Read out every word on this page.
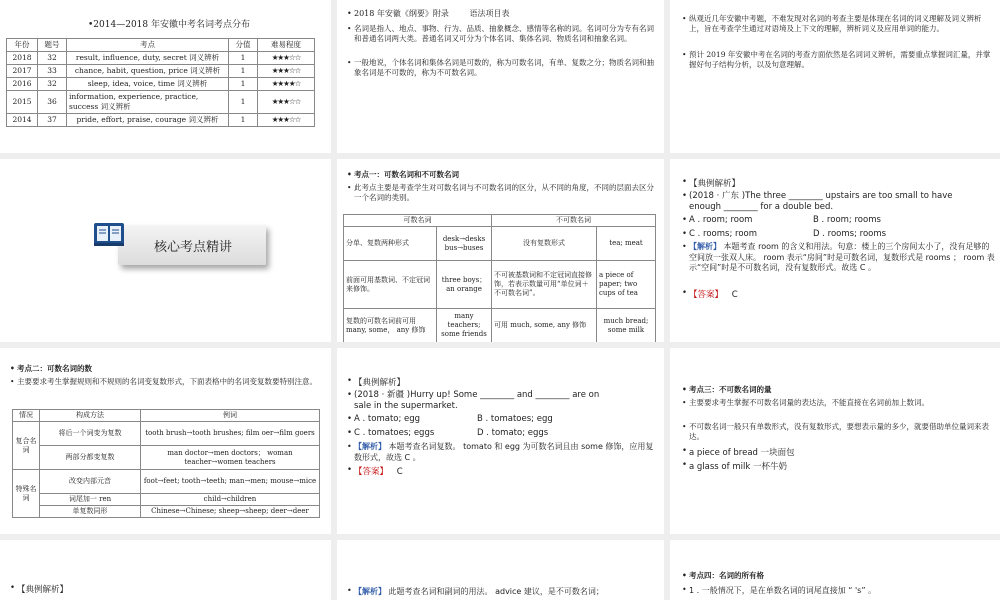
•2014—2018 年安徽中考名词考点分布
年份	题号	考点	分值	难易程度
2018	32	result, influence, duty, secret 词义辨析	1	★★★☆☆
2017	33	chance, habit, question, price 词义辨析	1	★★★☆☆
2016	32	sleep, idea, voice, time 词义辨析	1	★★★★☆
2015	36	information, experience, practice, success 词义辨析	1	★★★☆☆
2014	37	pride, effort, praise, courage 词义辨析	1	★★★☆☆
• 2018 年安徽《纲要》附录	语法项目表
• 名词是指人、地点、事物、行为、品质、抽象概念、感情等名称的词。名词可分为专有名词和普通名词两大类。普通名词又可分为个体名词、集体名词、物质名词和抽象名词。
• 一般地说，个体名词和集体名词是可数的，称为可数名词，有单、复数之分；物质名词和抽象名词是不可数的，称为不可数名词。
• 纵观近几年安徽中考题，不难发现对名词的考查主要是体现在名词的词义理解及词义辨析上，旨在考查学生通过对语境及上下文的理解，辨析词义及应用单词的能力。
• 预计 2019 年安徽中考在名词的考查方面依然是名词词义辨析，需要重点掌握词汇量，并掌握好句子结构分析，以及句意理解。
核心考点精讲
• 考点一：可数名词和不可数名词
• 此考点主要是考查学生对可数名词与不可数名词的区分，从不同的角度，不同的层面去区分一个名词的类别。
可数名词		不可数名词	
分单、复数两种形式	desk→desks bus→buses	没有复数形式	tea; meat
前面可用基数词、不定冠词来修饰。	three boys；an orange	不可被基数词和不定冠词直接修饰，若表示数量可用“单位词＋不可数名词”。	a piece of paper; two cups of tea
复数的可数名词前可用 many, some， any 修饰	many teachers; some friends	可用 much, some, any 修饰	much bread; some milk
• 【典例解析】
• (2018 · 广东 )The three ________ upstairs are too small to have
enough ________ for a double bed.
• A . room; room	B . room; rooms
• C . rooms; room	D . rooms; rooms
• 【解析】 本题考查 room 的含义和用法。句意：楼上的三个房间太小了，没有足够的空间放一张双人床。 room 表示“房间”时是可数名词，复数形式是 rooms ； room 表示“空间”时是不可数名词，没有复数形式。故选 C 。
• 【答案】 C
• 考点二：可数名词的数
• 主要要求考生掌握规则和不规则的名词变复数形式，下面表格中的名词变复数要特别注意。
情况	构成方法	例词
复合名词	将后一个词变为复数	tooth brush→tooth brushes; film oer→film goers
	两部分都变复数	man doctor→men doctors； woman teacher→women teachers
特殊名词	改变内部元音	foot→feet; tooth→teeth; man→men; mouse→mice
	词尾加一 ren	child→children
	单复数同形	Chinese→Chinese; sheep→sheep; deer→deer
• 【典例解析】
• (2018 · 新疆 )Hurry up! Some ________ and ________ are on
sale in the supermarket.
• A . tomato; egg	B . tomatoes; egg
• C . tomatoes; eggs	D . tomato; eggs
• 【解析】 本题考查名词复数。 tomato 和 egg 为可数名词且由 some 修饰，应用复数形式，故选 C 。
• 【答案】 C
• 考点三：不可数名词的量
• 主要要求考生掌握不可数名词量的表达法，不能直接在名词前加上数词。
• 不可数名词一般只有单数形式，没有复数形式，要想表示量的多少，就要借助单位量词来表达。
• a piece of bread 一块面包
• a glass of milk 一杯牛奶
• 【典例解析】	• 【解析】 此题考查名词和副词的用法。 advice 建议，是不可数名词；
• 考点四：名词的所有格
• 1 . 一般情况下，是在单数名词的词尾直接加 “ 's” 。
